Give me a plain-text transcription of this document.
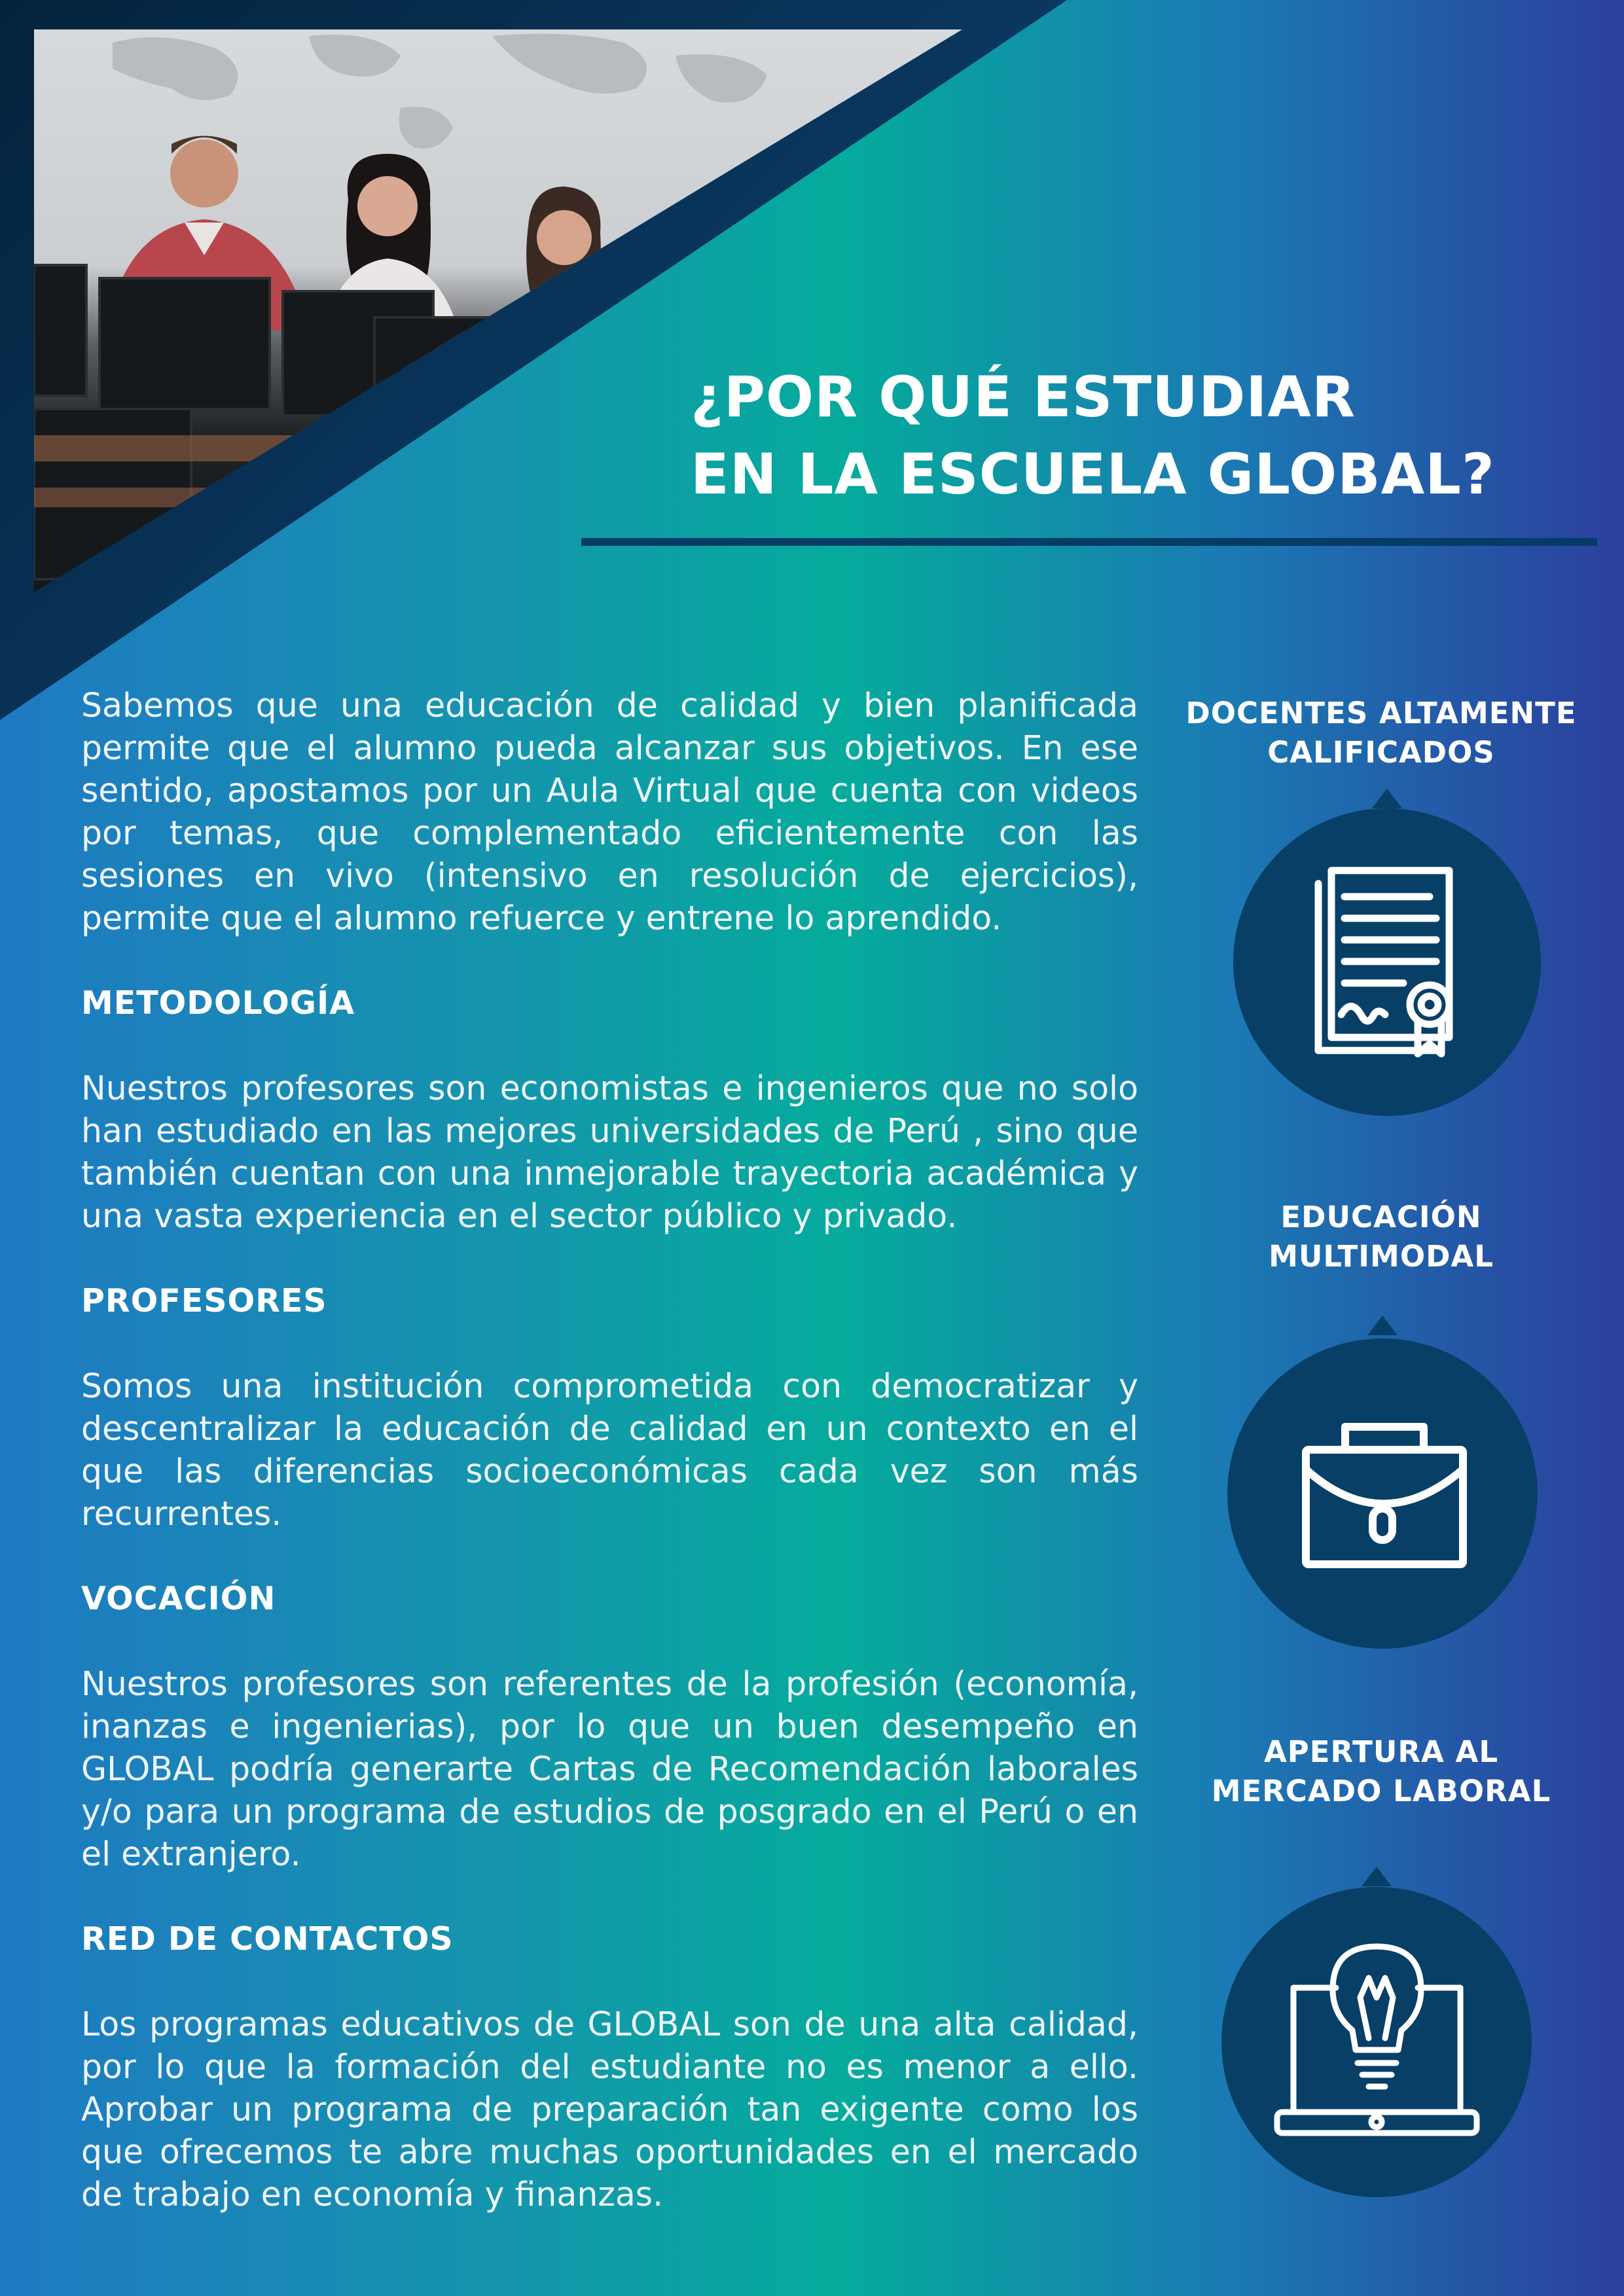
¿POR QUÉ ESTUDIAR
EN LA ESCUELA GLOBAL?

Sabemos que una educación de calidad y bien planificada permite que el alumno pueda alcanzar sus objetivos. En ese sentido, apostamos por un Aula Virtual que cuenta con videos por temas, que complementado eficientemente con las sesiones en vivo (intensivo en resolución de ejercicios), permite que el alumno refuerce y entrene lo aprendido.

METODOLOGÍA

Nuestros profesores son economistas e ingenieros que no solo han estudiado en las mejores universidades de Perú , sino que también cuentan con una inmejorable trayectoria académica y una vasta experiencia en el sector público y privado.

PROFESORES

Somos una institución comprometida con democratizar y descentralizar la educación de calidad en un contexto en el que las diferencias socioeconómicas cada vez son más recurrentes.

VOCACIÓN

Nuestros profesores son referentes de la profesión (economía, inanzas e ingenierias), por lo que un buen desempeño en GLOBAL podría generarte Cartas de Recomendación laborales y/o para un programa de estudios de posgrado en el Perú o en el extranjero.

RED DE CONTACTOS

Los programas educativos de GLOBAL son de una alta calidad, por lo que la formación del estudiante no es menor a ello. Aprobar un programa de preparación tan exigente como los que ofrecemos te abre muchas oportunidades en el mercado de trabajo en economía y finanzas.

DOCENTES ALTAMENTE
CALIFICADOS

EDUCACIÓN
MULTIMODAL

APERTURA AL
MERCADO LABORAL
